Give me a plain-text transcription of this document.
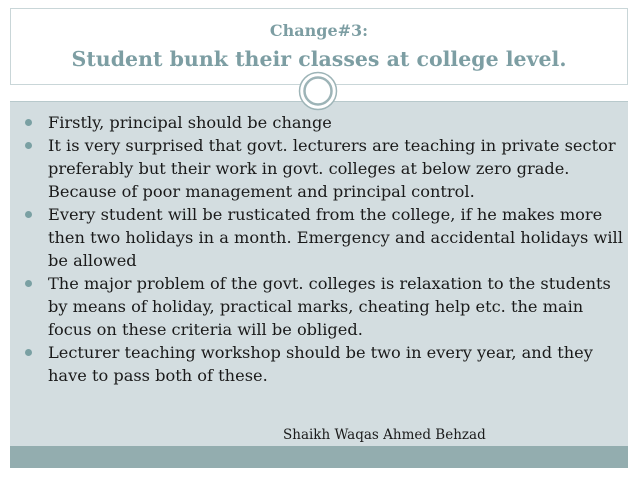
Change#3:
Student bunk their classes at college level.
Firstly, principal should be change
It is very surprised that govt. lecturers are teaching in private sector preferably but their work in govt. colleges at below zero grade. Because of poor management and principal control.
Every student will be rusticated from the college, if he makes more then two holidays in a month. Emergency and accidental holidays will be allowed
The major problem of the govt. colleges is relaxation to the students by means of holiday, practical marks, cheating help etc. the main focus on these criteria will be obliged.
Lecturer teaching workshop should be two in every year, and they have to pass both of these.
Shaikh Waqas Ahmed Behzad
